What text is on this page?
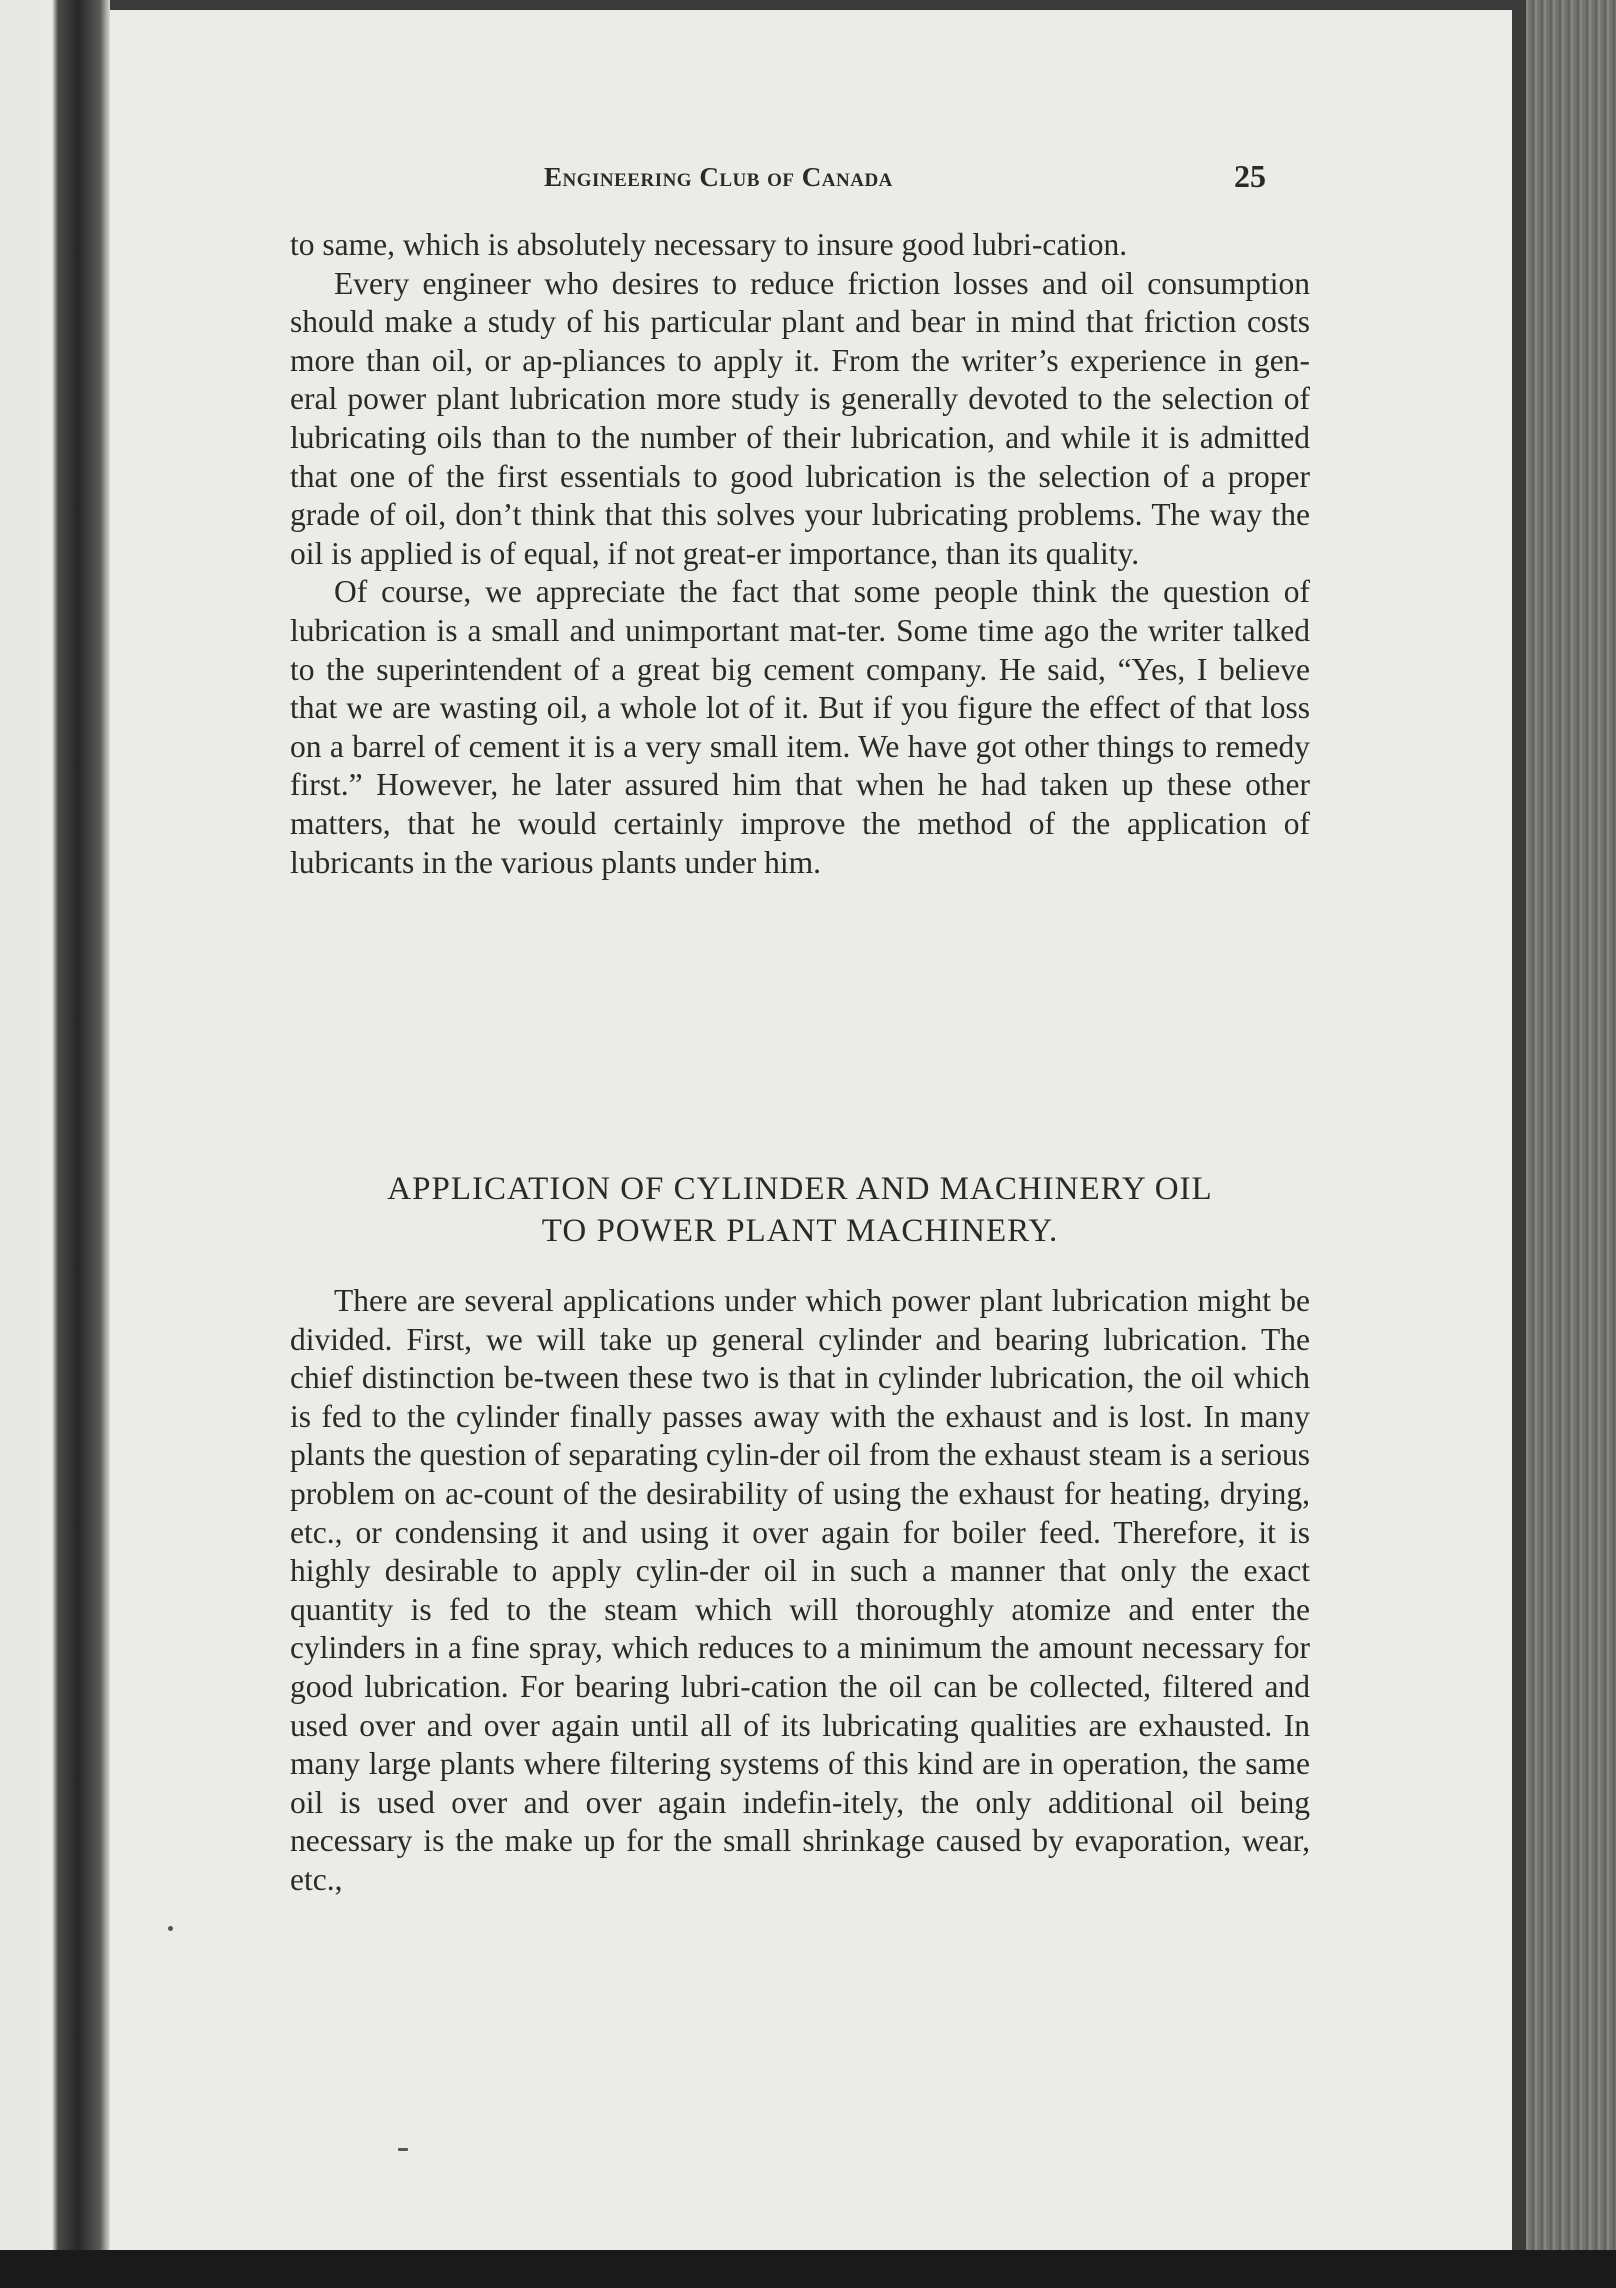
Engineering Club of Canada	25

to same, which is absolutely necessary to insure good lubri-cation.

Every engineer who desires to reduce friction losses and oil consumption should make a study of his particular plant and bear in mind that friction costs more than oil, or ap-pliances to apply it. From the writer’s experience in gen-eral power plant lubrication more study is generally devoted to the selection of lubricating oils than to the number of their lubrication, and while it is admitted that one of the first essentials to good lubrication is the selection of a proper grade of oil, don’t think that this solves your lubricating problems. The way the oil is applied is of equal, if not great-er importance, than its quality.

Of course, we appreciate the fact that some people think the question of lubrication is a small and unimportant mat-ter. Some time ago the writer talked to the superintendent of a great big cement company. He said, “Yes, I believe that we are wasting oil, a whole lot of it. But if you figure the effect of that loss on a barrel of cement it is a very small item. We have got other things to remedy first.” However, he later assured him that when he had taken up these other matters, that he would certainly improve the method of the application of lubricants in the various plants under him.

APPLICATION OF CYLINDER AND MACHINERY OIL
TO POWER PLANT MACHINERY.

There are several applications under which power plant lubrication might be divided. First, we will take up general cylinder and bearing lubrication. The chief distinction be-tween these two is that in cylinder lubrication, the oil which is fed to the cylinder finally passes away with the exhaust and is lost. In many plants the question of separating cylin-der oil from the exhaust steam is a serious problem on ac-count of the desirability of using the exhaust for heating, drying, etc., or condensing it and using it over again for boiler feed. Therefore, it is highly desirable to apply cylin-der oil in such a manner that only the exact quantity is fed to the steam which will thoroughly atomize and enter the cylinders in a fine spray, which reduces to a minimum the amount necessary for good lubrication. For bearing lubri-cation the oil can be collected, filtered and used over and over again until all of its lubricating qualities are exhausted. In many large plants where filtering systems of this kind are in operation, the same oil is used over and over again indefin-itely, the only additional oil being necessary is the make up for the small shrinkage caused by evaporation, wear, etc.,
